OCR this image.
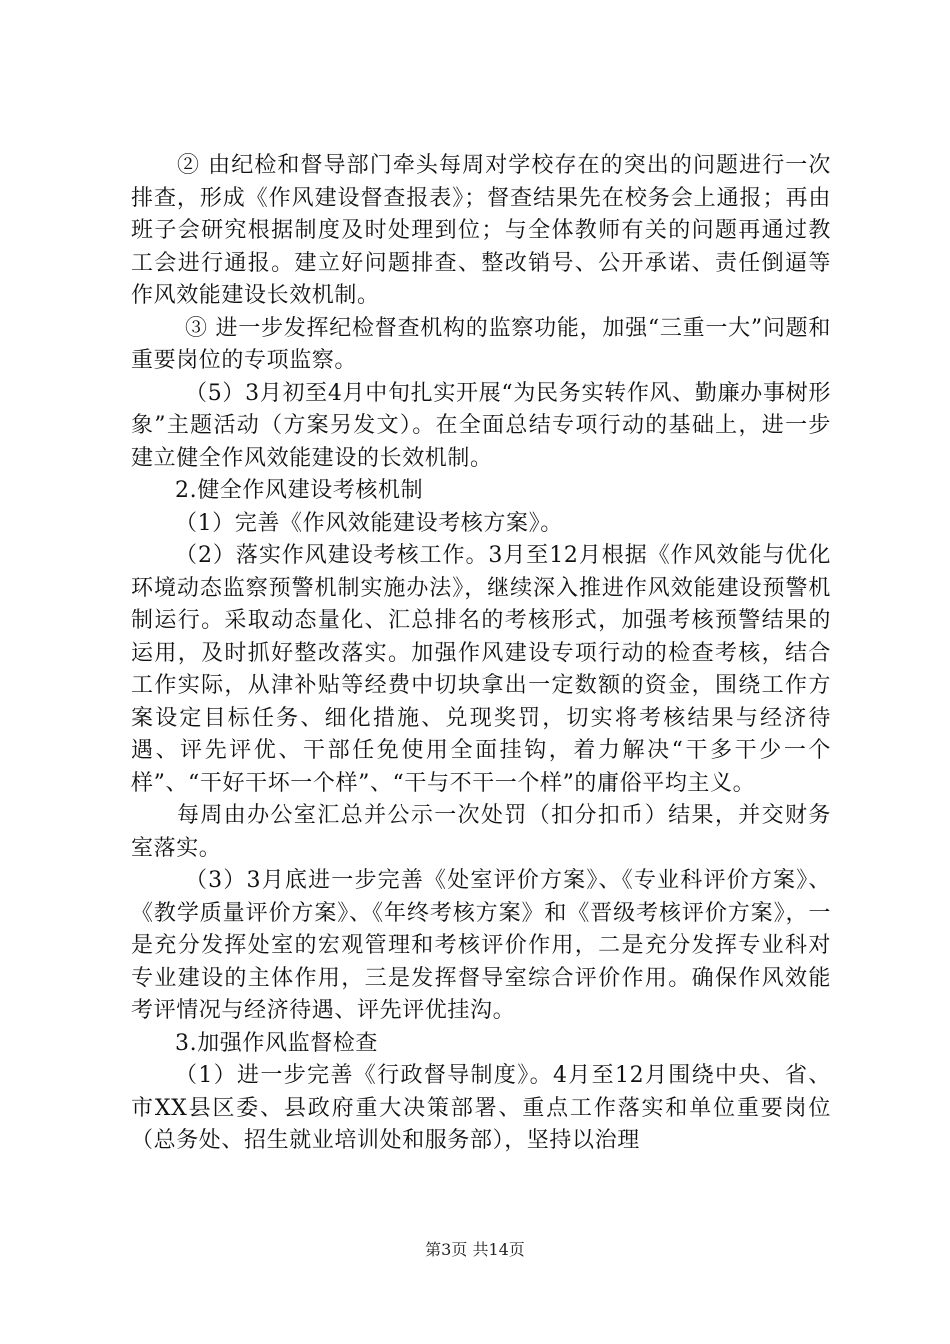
② 由纪检和督导部门牵头每周对学校存在的突出的问题进行一次排查，形成《作风建设督查报表》；督查结果先在校务会上通报；再由班子会研究根据制度及时处理到位；与全体教师有关的问题再通过教工会进行通报。建立好问题排查、整改销号、公开承诺、责任倒逼等作风效能建设长效机制。

③ 进一步发挥纪检督查机构的监察功能，加强“三重一大”问题和重要岗位的专项监察。

（5）3月初至4月中旬扎实开展“为民务实转作风、勤廉办事树形象”主题活动（方案另发文）。在全面总结专项行动的基础上，进一步建立健全作风效能建设的长效机制。

2.健全作风建设考核机制

（1）完善《作风效能建设考核方案》。

（2）落实作风建设考核工作。3月至12月根据《作风效能与优化环境动态监察预警机制实施办法》，继续深入推进作风效能建设预警机制运行。采取动态量化、汇总排名的考核形式，加强考核预警结果的运用，及时抓好整改落实。加强作风建设专项行动的检查考核，结合工作实际，从津补贴等经费中切块拿出一定数额的资金，围绕工作方案设定目标任务、细化措施、兑现奖罚，切实将考核结果与经济待遇、评先评优、干部任免使用全面挂钩，着力解决“干多干少一个样”、“干好干坏一个样”、“干与不干一个样”的庸俗平均主义。

每周由办公室汇总并公示一次处罚（扣分扣币）结果，并交财务室落实。

（3）3月底进一步完善《处室评价方案》、《专业科评价方案》、《教学质量评价方案》、《年终考核方案》和《晋级考核评价方案》，一是充分发挥处室的宏观管理和考核评价作用，二是充分发挥专业科对专业建设的主体作用，三是发挥督导室综合评价作用。确保作风效能考评情况与经济待遇、评先评优挂沟。

3.加强作风监督检查

（1）进一步完善《行政督导制度》。4月至12月围绕中央、省、市XX县区委、县政府重大决策部署、重点工作落实和单位重要岗位（总务处、招生就业培训处和服务部），坚持以治理

第3页 共14页
